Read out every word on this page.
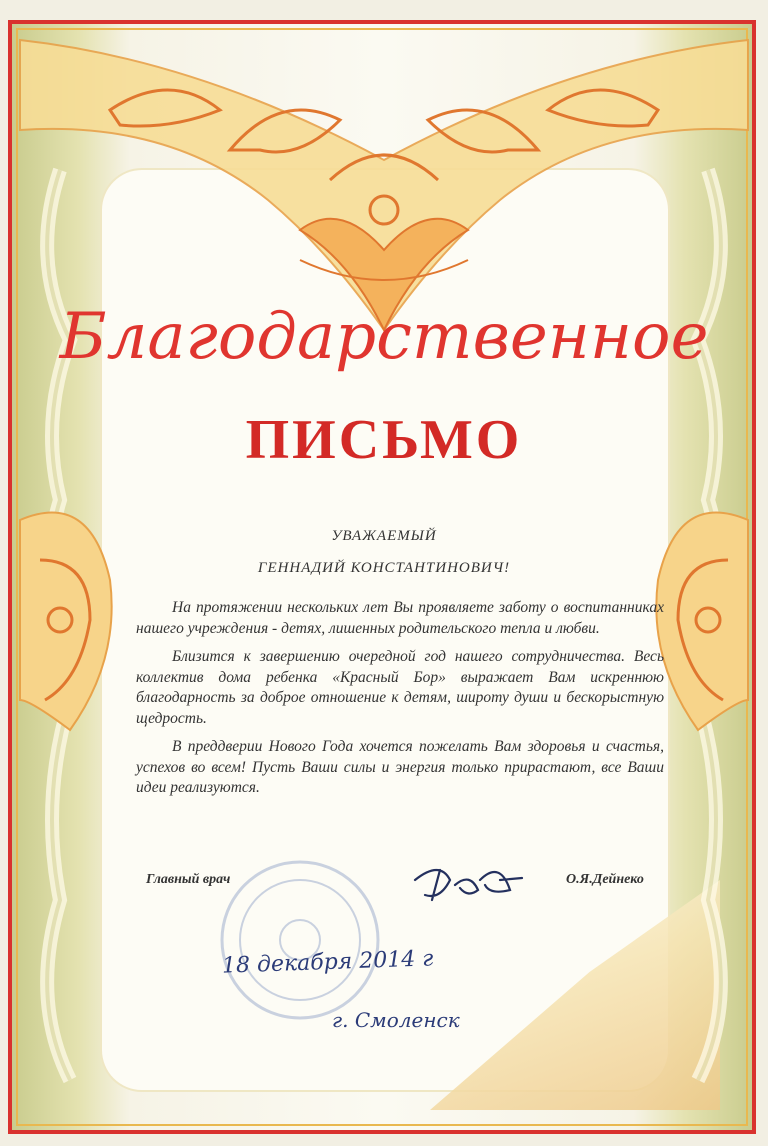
Благодарственное
ПИСЬМО
УВАЖАЕМЫЙ
ГЕННАДИЙ КОНСТАНТИНОВИЧ!

На протяжении нескольких лет Вы проявляете заботу о воспитанниках нашего учреждения - детях, лишенных родительского тепла и любви.

Близится к завершению очередной год нашего сотрудничества. Весь коллектив дома ребенка «Красный Бор» выражает Вам искреннюю благодарность за доброе отношение к детям, широту души и бескорыстную щедрость.

В преддверии Нового Года хочется пожелать Вам здоровья и счастья, успехов во всем! Пусть Ваши силы и энергия только прирастают, все Ваши идеи реализуются.

Главный врач	О.Я.Дейнеко
18 декабря 2014 г
г. Смоленск
